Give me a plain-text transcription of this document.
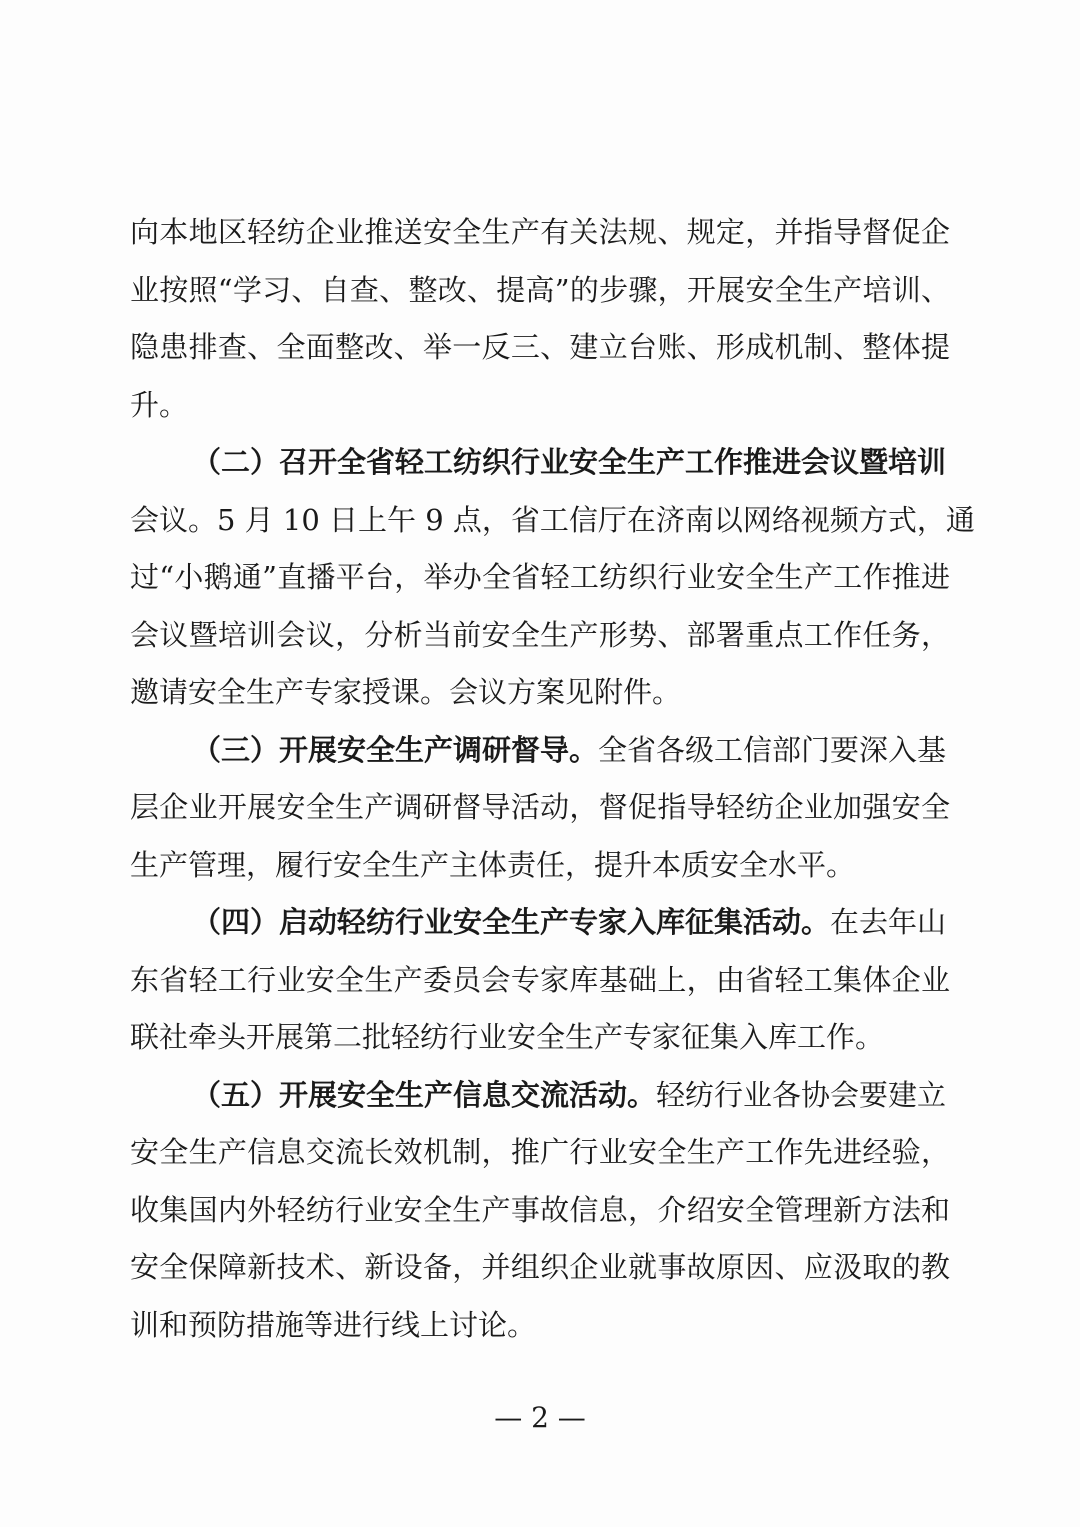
向本地区轻纺企业推送安全生产有关法规、规定，并指导督促企
业按照“学习、自查、整改、提高”的步骤，开展安全生产培训、
隐患排查、全面整改、举一反三、建立台账、形成机制、整体提
升。
（二）召开全省轻工纺织行业安全生产工作推进会议暨培训
会议。5 月 10 日上午 9 点，省工信厅在济南以网络视频方式，通
过“小鹅通”直播平台，举办全省轻工纺织行业安全生产工作推进
会议暨培训会议，分析当前安全生产形势、部署重点工作任务，
邀请安全生产专家授课。会议方案见附件。
（三）开展安全生产调研督导。全省各级工信部门要深入基
层企业开展安全生产调研督导活动，督促指导轻纺企业加强安全
生产管理，履行安全生产主体责任，提升本质安全水平。
（四）启动轻纺行业安全生产专家入库征集活动。在去年山
东省轻工行业安全生产委员会专家库基础上，由省轻工集体企业
联社牵头开展第二批轻纺行业安全生产专家征集入库工作。
（五）开展安全生产信息交流活动。轻纺行业各协会要建立
安全生产信息交流长效机制，推广行业安全生产工作先进经验，
收集国内外轻纺行业安全生产事故信息，介绍安全管理新方法和
安全保障新技术、新设备，并组织企业就事故原因、应汲取的教
训和预防措施等进行线上讨论。
— 2 —
